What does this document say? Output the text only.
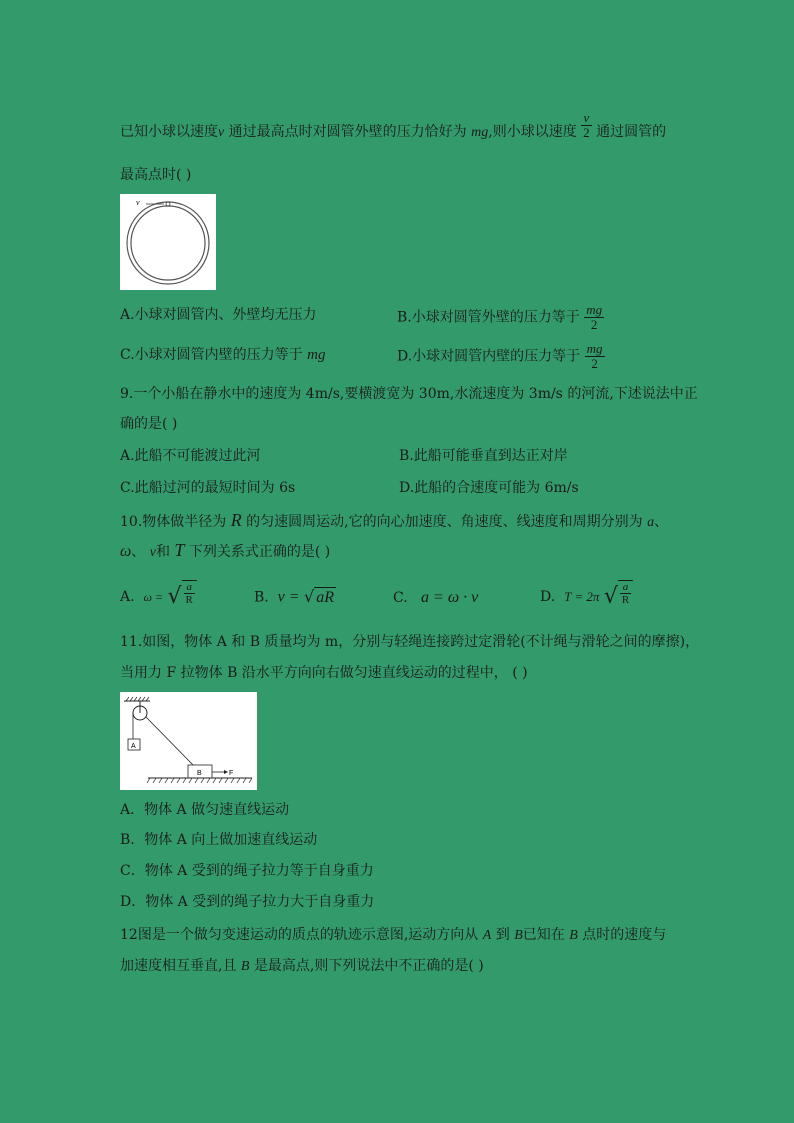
已知小球以速度v 通过最高点时对圆管外壁的压力恰好为 mg,则小球以速度 $\frac{v}{2}$ 通过圆管的
最高点时( )
v
A.小球对圆管内、外壁均无压力	B.小球对圆管外壁的压力等于 $\frac{mg}{2}$
C.小球对圆管内壁的压力等于 mg	D.小球对圆管内壁的压力等于 $\frac{mg}{2}$
9.一个小船在静水中的速度为 4m/s,要横渡宽为 30m,水流速度为 3m/s 的河流,下述说法中正
确的是( )
A.此船不可能渡过此河	B.此船可能垂直到达正对岸
C.此船过河的最短时间为 6s	D.此船的合速度可能为 6m/s
10.物体做半径为 R 的匀速圆周运动,它的向心加速度、角速度、线速度和周期分别为 a、
ω、 v和 T 下列关系式正确的是( )
A. ω = √ $\frac{a}{R}$	B. v = √ aR	C. a = ω · v	D. T = 2π √ $\frac{a}{R}$
11.如图，物体 A 和 B 质量均为 m，分别与轻绳连接跨过定滑轮(不计绳与滑轮之间的摩擦)，
当用力 F 拉物体 B 沿水平方向向右做匀速直线运动的过程中， ( )
A
B	F
A．物体 A 做匀速直线运动
B．物体 A 向上做加速直线运动
C．物体 A 受到的绳子拉力等于自身重力
D．物体 A 受到的绳子拉力大于自身重力
12图是一个做匀变速运动的质点的轨迹示意图,运动方向从 A 到 B已知在 B 点时的速度与
加速度相互垂直,且 B 是最高点,则下列说法中不正确的是( )
